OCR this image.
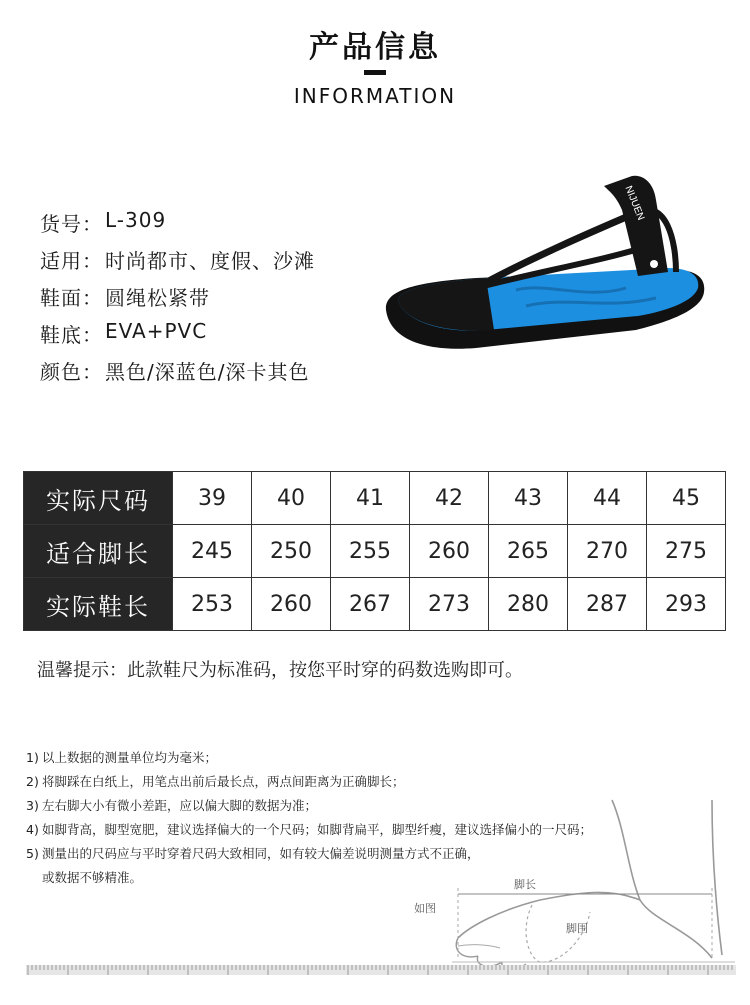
产品信息
INFORMATION
货号： L-309
适用： 时尚都市、度假、沙滩
鞋面： 圆绳松紧带
鞋底： EVA+PVC
颜色： 黑色/深蓝色/深卡其色
NIJUEN
实际尺码	39	40	41	42	43	44	45
适合脚长	245	250	255	260	265	270	275
实际鞋长	253	260	267	273	280	287	293
温馨提示：此款鞋尺为标准码，按您平时穿的码数选购即可。
1) 以上数据的测量单位均为毫米；
2) 将脚踩在白纸上，用笔点出前后最长点，两点间距离为正确脚长；
3) 左右脚大小有微小差距，应以偏大脚的数据为准；
4) 如脚背高，脚型宽肥，建议选择偏大的一个尺码；如脚背扁平，脚型纤瘦，建议选择偏小的一尺码；
5) 测量出的尺码应与平时穿着尺码大致相同，如有较大偏差说明测量方式不正确，
或数据不够精准。	脚长
如图
脚围
